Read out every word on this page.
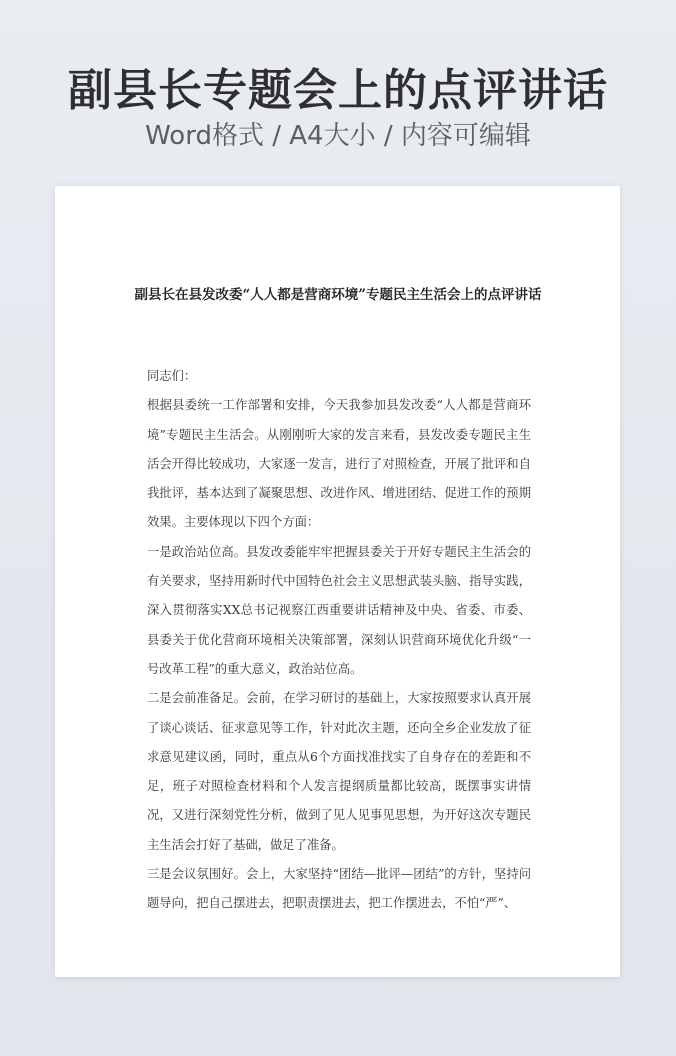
副县长专题会上的点评讲话

Word格式 / A4大小 / 内容可编辑

副县长在县发改委“人人都是营商环境”专题民主生活会上的点评讲话

同志们：

根据县委统一工作部署和安排，今天我参加县发改委“人人都是营商环境”专题民主生活会。从刚刚听大家的发言来看，县发改委专题民主生活会开得比较成功，大家逐一发言，进行了对照检查，开展了批评和自我批评，基本达到了凝聚思想、改进作风、增进团结、促进工作的预期效果。主要体现以下四个方面：

一是政治站位高。县发改委能牢牢把握县委关于开好专题民主生活会的有关要求，坚持用新时代中国特色社会主义思想武装头脑、指导实践，深入贯彻落实XX总书记视察江西重要讲话精神及中央、省委、市委、县委关于优化营商环境相关决策部署，深刻认识营商环境优化升级“一号改革工程”的重大意义，政治站位高。

二是会前准备足。会前，在学习研讨的基础上，大家按照要求认真开展了谈心谈话、征求意见等工作，针对此次主题，还向全乡企业发放了征求意见建议函，同时，重点从6个方面找准找实了自身存在的差距和不足，班子对照检查材料和个人发言提纲质量都比较高，既摆事实讲情况，又进行深刻党性分析，做到了见人见事见思想，为开好这次专题民主生活会打好了基础，做足了准备。

三是会议氛围好。会上，大家坚持“团结—批评—团结”的方针，坚持问题导向，把自己摆进去，把职责摆进去，把工作摆进去，不怕“严”、
